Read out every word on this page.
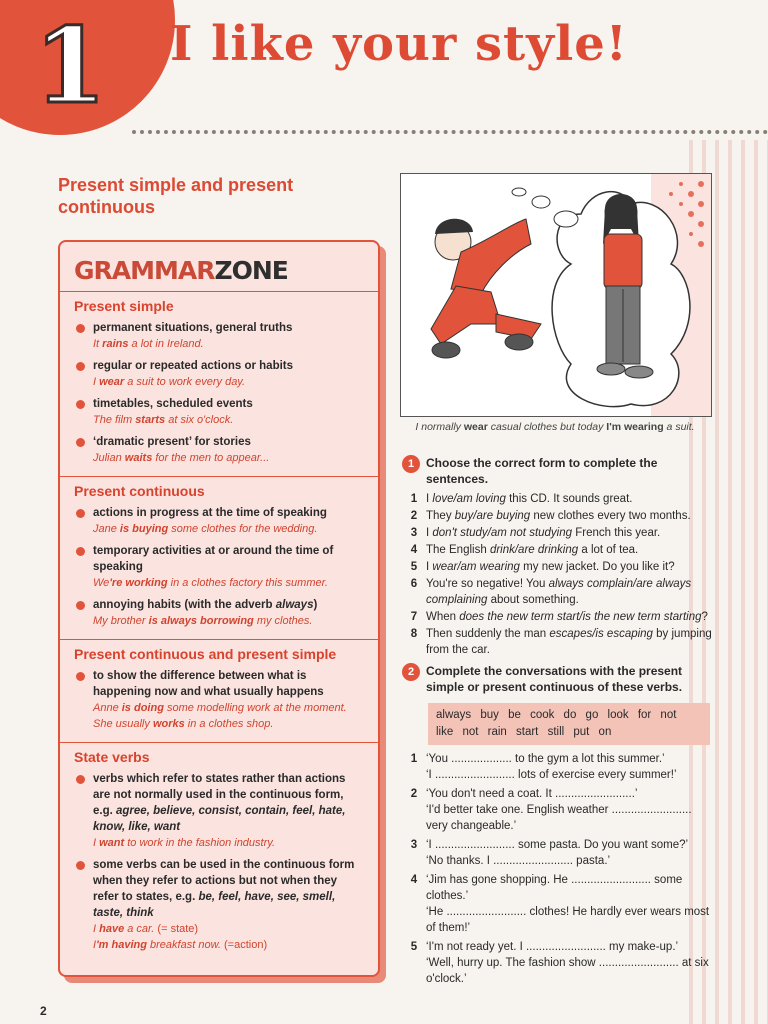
1 I like your style!
Present simple and present continuous
GRAMMARZONE
Present simple
permanent situations, general truths
It rains a lot in Ireland.
regular or repeated actions or habits
I wear a suit to work every day.
timetables, scheduled events
The film starts at six o'clock.
‘dramatic present’ for stories
Julian waits for the men to appear...
Present continuous
actions in progress at the time of speaking
Jane is buying some clothes for the wedding.
temporary activities at or around the time of speaking
We're working in a clothes factory this summer.
annoying habits (with the adverb always)
My brother is always borrowing my clothes.
Present continuous and present simple
to show the difference between what is happening now and what usually happens
Anne is doing some modelling work at the moment.
She usually works in a clothes shop.
State verbs
verbs which refer to states rather than actions are not normally used in the continuous form, e.g. agree, believe, consist, contain, feel, hate, know, like, want
I want to work in the fashion industry.
some verbs can be used in the continuous form when they refer to actions but not when they refer to states, e.g. be, feel, have, see, smell, taste, think
I have a car. (= state)
I'm having breakfast now. (=action)
I normally wear casual clothes but today I'm wearing a suit.
1 Choose the correct form to complete the sentences.
1 I love/am loving this CD. It sounds great.
2 They buy/are buying new clothes every two months.
3 I don't study/am not studying French this year.
4 The English drink/are drinking a lot of tea.
5 I wear/am wearing my new jacket. Do you like it?
6 You're so negative! You always complain/are always complaining about something.
7 When does the new term start/is the new term starting?
8 Then suddenly the man escapes/is escaping by jumping from the car.
2 Complete the conversations with the present simple or present continuous of these verbs.
always buy be cook do go look for not like not rain start still put on
1 ‘You ................... to the gym a lot this summer.’
‘I ......................... lots of exercise every summer!’
2 ‘You don't need a coat. It .........................’
‘I'd better take one. English weather ......................... very changeable.’
3 ‘I ......................... some pasta. Do you want some?’
‘No thanks. I ......................... pasta.’
4 ‘Jim has gone shopping. He ......................... some clothes.’
‘He ......................... clothes! He hardly ever wears most of them!’
5 ‘I'm not ready yet. I ......................... my make-up.’
‘Well, hurry up. The fashion show ......................... at six o'clock.’
2
